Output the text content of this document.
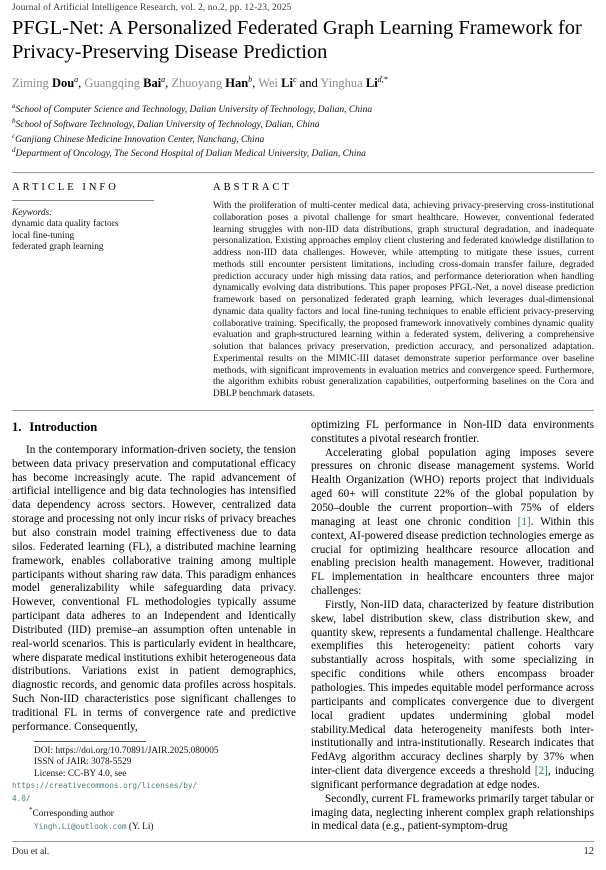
Journal of Artificial Intelligence Research, vol. 2, no.2, pp. 12-23, 2025
PFGL-Net: A Personalized Federated Graph Learning Framework for Privacy-Preserving Disease Prediction
Ziming Dou$^a$, Guangqing Bai$^a$, Zhuoyang Han$^b$, Wei Li$^c$ and Yinghua $Li^{d,*}$
$^a$School of Computer Science and Technology, Dalian University of Technology, Dalian, China
$^b$School of Software Technology, Dalian University of Technology, Dalian, China
$^c$Ganjiang Chinese Medicine Innovation Center, Nanchang, China
$^d$Department of Oncology, The Second Hospital of Dalian Medical University, Dalian, China
ARTICLE INFO
Keywords:
dynamic data quality factors
local fine-tuning
federated graph learning
ABSTRACT
With the proliferation of multi-center medical data, achieving privacy-preserving cross-institutional collaboration poses a pivotal challenge for smart healthcare. However, conventional federated learning struggles with non-IID data distributions, graph structural degradation, and inadequate personalization. Existing approaches employ client clustering and federated knowledge distillation to address non-IID data challenges. However, while attempting to mitigate these issues, current methods still encounter persistent limitations, including cross-domain transfer failure, degraded prediction accuracy under high missing data ratios, and performance deterioration when handling dynamically evolving data distributions. This paper proposes PFGL-Net, a novel disease prediction framework based on personalized federated graph learning, which leverages dual-dimensional dynamic data quality factors and local fine-tuning techniques to enable efficient privacy-preserving collaborative training. Specifically, the proposed framework innovatively combines dynamic quality evaluation and graph-structured learning within a federated system, delivering a comprehensive solution that balances privacy preservation, prediction accuracy, and personalized adaptation. Experimental results on the MIMIC-III dataset demonstrate superior performance over baseline methods, with significant improvements in evaluation metrics and convergence speed. Furthermore, the algorithm exhibits robust generalization capabilities, outperforming baselines on the Cora and DBLP benchmark datasets.
1. Introduction

In the contemporary information-driven society, the tension between data privacy preservation and computational efficacy has become increasingly acute. The rapid advancement of artificial intelligence and big data technologies has intensified data dependency across sectors. However, centralized data storage and processing not only incur risks of privacy breaches but also constrain model training effectiveness due to data silos. Federated learning (FL), a distributed machine learning framework, enables collaborative training among multiple participants without sharing raw data. This paradigm enhances model generalizability while safeguarding data privacy. However, conventional FL methodologies typically assume participant data adheres to an Independent and Identically Distributed (IID) premise–an assumption often untenable in real-world scenarios. This is particularly evident in healthcare, where disparate medical institutions exhibit heterogeneous data distributions. Variations exist in patient demographics, diagnostic records, and genomic data profiles across hospitals. Such Non-IID characteristics pose significant challenges to traditional FL in terms of convergence rate and predictive performance. Consequently,

DOI: https://doi.org/10.70891/JAIR.2025.080005
ISSN of JAIR: 3078-5529
License: CC-BY 4.0, see https://creativecommons.org/licenses/by/
4.0/
*Corresponding author
Yingh.Li@outlook.com (Y. Li)

optimizing FL performance in Non-IID data environments constitutes a pivotal research frontier.

Accelerating global population aging imposes severe pressures on chronic disease management systems. World Health Organization (WHO) reports project that individuals aged 60+ will constitute 22% of the global population by 2050–double the current proportion–with 75% of elders managing at least one chronic condition [1]. Within this context, AI-powered disease prediction technologies emerge as crucial for optimizing healthcare resource allocation and enabling precision health management. However, traditional FL implementation in healthcare encounters three major challenges:

Firstly, Non-IID data, characterized by feature distribution skew, label distribution skew, class distribution skew, and quantity skew, represents a fundamental challenge. Healthcare exemplifies this heterogeneity: patient cohorts vary substantially across hospitals, with some specializing in specific conditions while others encompass broader pathologies. This impedes equitable model performance across participants and complicates convergence due to divergent local gradient updates undermining global model stability.Medical data heterogeneity manifests both inter-institutionally and intra-institutionally. Research indicates that FedAvg algorithm accuracy declines sharply by 37% when inter-client data divergence exceeds a threshold [2], inducing significant performance degradation at edge nodes.

Secondly, current FL frameworks primarily target tabular or imaging data, neglecting inherent complex graph relationships in medical data (e.g., patient-symptom-drug

Dou et al.	12
